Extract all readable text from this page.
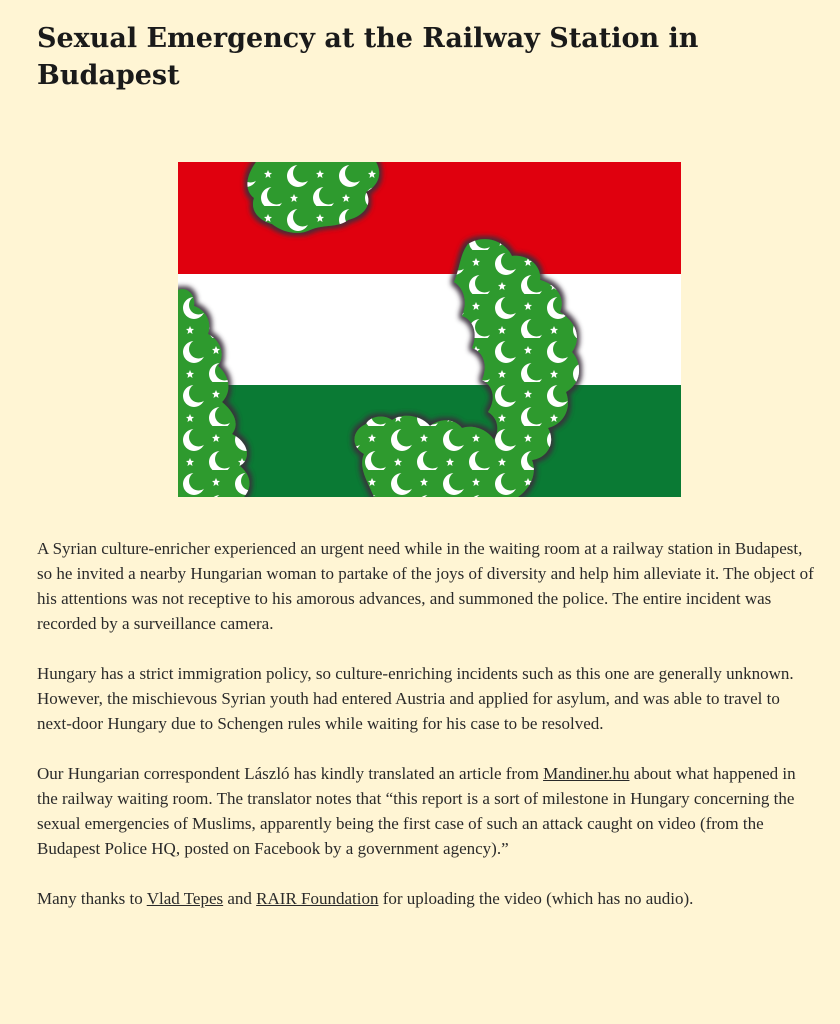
Sexual Emergency at the Railway Station in Budapest

A Syrian culture-enricher experienced an urgent need while in the waiting room at a railway station in Budapest, so he invited a nearby Hungarian woman to partake of the joys of diversity and help him alleviate it. The object of his attentions was not receptive to his amorous advances, and summoned the police. The entire incident was recorded by a surveillance camera.

Hungary has a strict immigration policy, so culture-enriching incidents such as this one are generally unknown. However, the mischievous Syrian youth had entered Austria and applied for asylum, and was able to travel to next-door Hungary due to Schengen rules while waiting for his case to be resolved.

Our Hungarian correspondent László has kindly translated an article from Mandiner.hu about what happened in the railway waiting room. The translator notes that “this report is a sort of milestone in Hungary concerning the sexual emergencies of Muslims, apparently being the first case of such an attack caught on video (from the Budapest Police HQ, posted on Facebook by a government agency).”

Many thanks to Vlad Tepes and RAIR Foundation for uploading the video (which has no audio).
